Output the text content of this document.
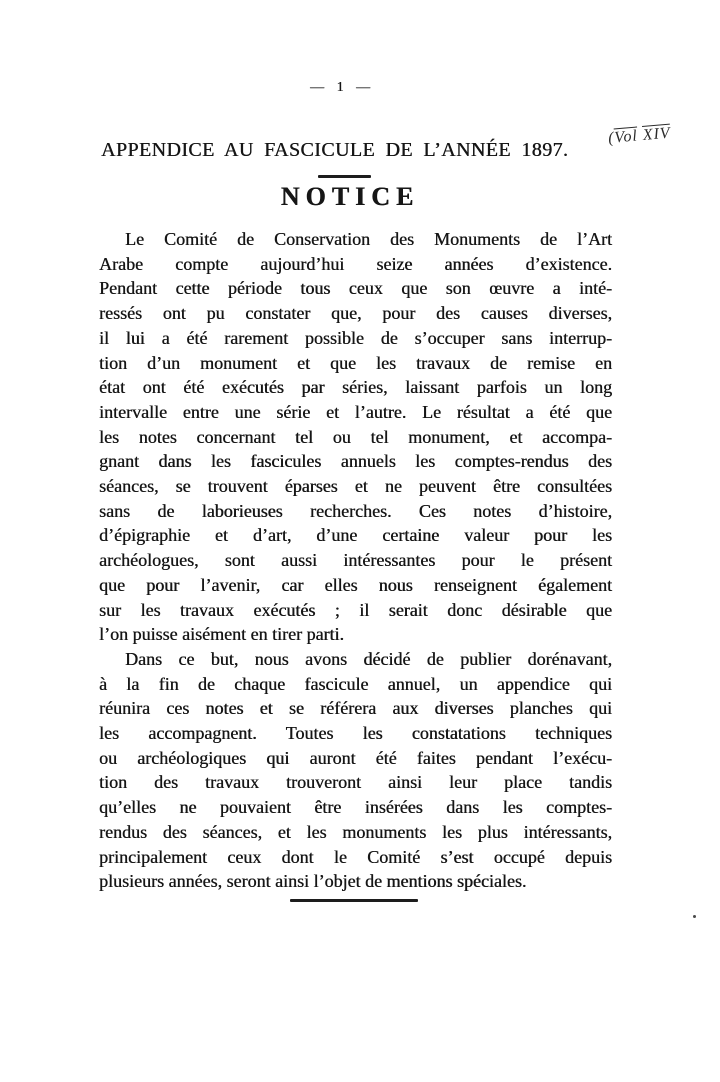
— 1 —
APPENDICE AU FASCICULE DE L’ANNÉE 1897.
($\overline{Vol}$ $\overline{XIV}$
NOTICE
Le Comité de Conservation des Monuments de l’Art
Arabe compte aujourd’hui seize années d’existence.
Pendant cette période tous ceux que son œuvre a inté-
ressés ont pu constater que, pour des causes diverses,
il lui a été rarement possible de s’occuper sans interrup-
tion d’un monument et que les travaux de remise en
état ont été exécutés par séries, laissant parfois un long
intervalle entre une série et l’autre. Le résultat a été que
les notes concernant tel ou tel monument, et accompa-
gnant dans les fascicules annuels les comptes-rendus des
séances, se trouvent éparses et ne peuvent être consultées
sans de laborieuses recherches. Ces notes d’histoire,
d’épigraphie et d’art, d’une certaine valeur pour les
archéologues, sont aussi intéressantes pour le présent
que pour l’avenir, car elles nous renseignent également
sur les travaux exécutés ; il serait donc désirable que
l’on puisse aisément en tirer parti.
Dans ce but, nous avons décidé de publier dorénavant,
à la fin de chaque fascicule annuel, un appendice qui
réunira ces notes et se référera aux diverses planches qui
les accompagnent. Toutes les constatations techniques
ou archéologiques qui auront été faites pendant l’exécu-
tion des travaux trouveront ainsi leur place tandis
qu’elles ne pouvaient être insérées dans les comptes-
rendus des séances, et les monuments les plus intéressants,
principalement ceux dont le Comité s’est occupé depuis
plusieurs années, seront ainsi l’objet de mentions spéciales.
